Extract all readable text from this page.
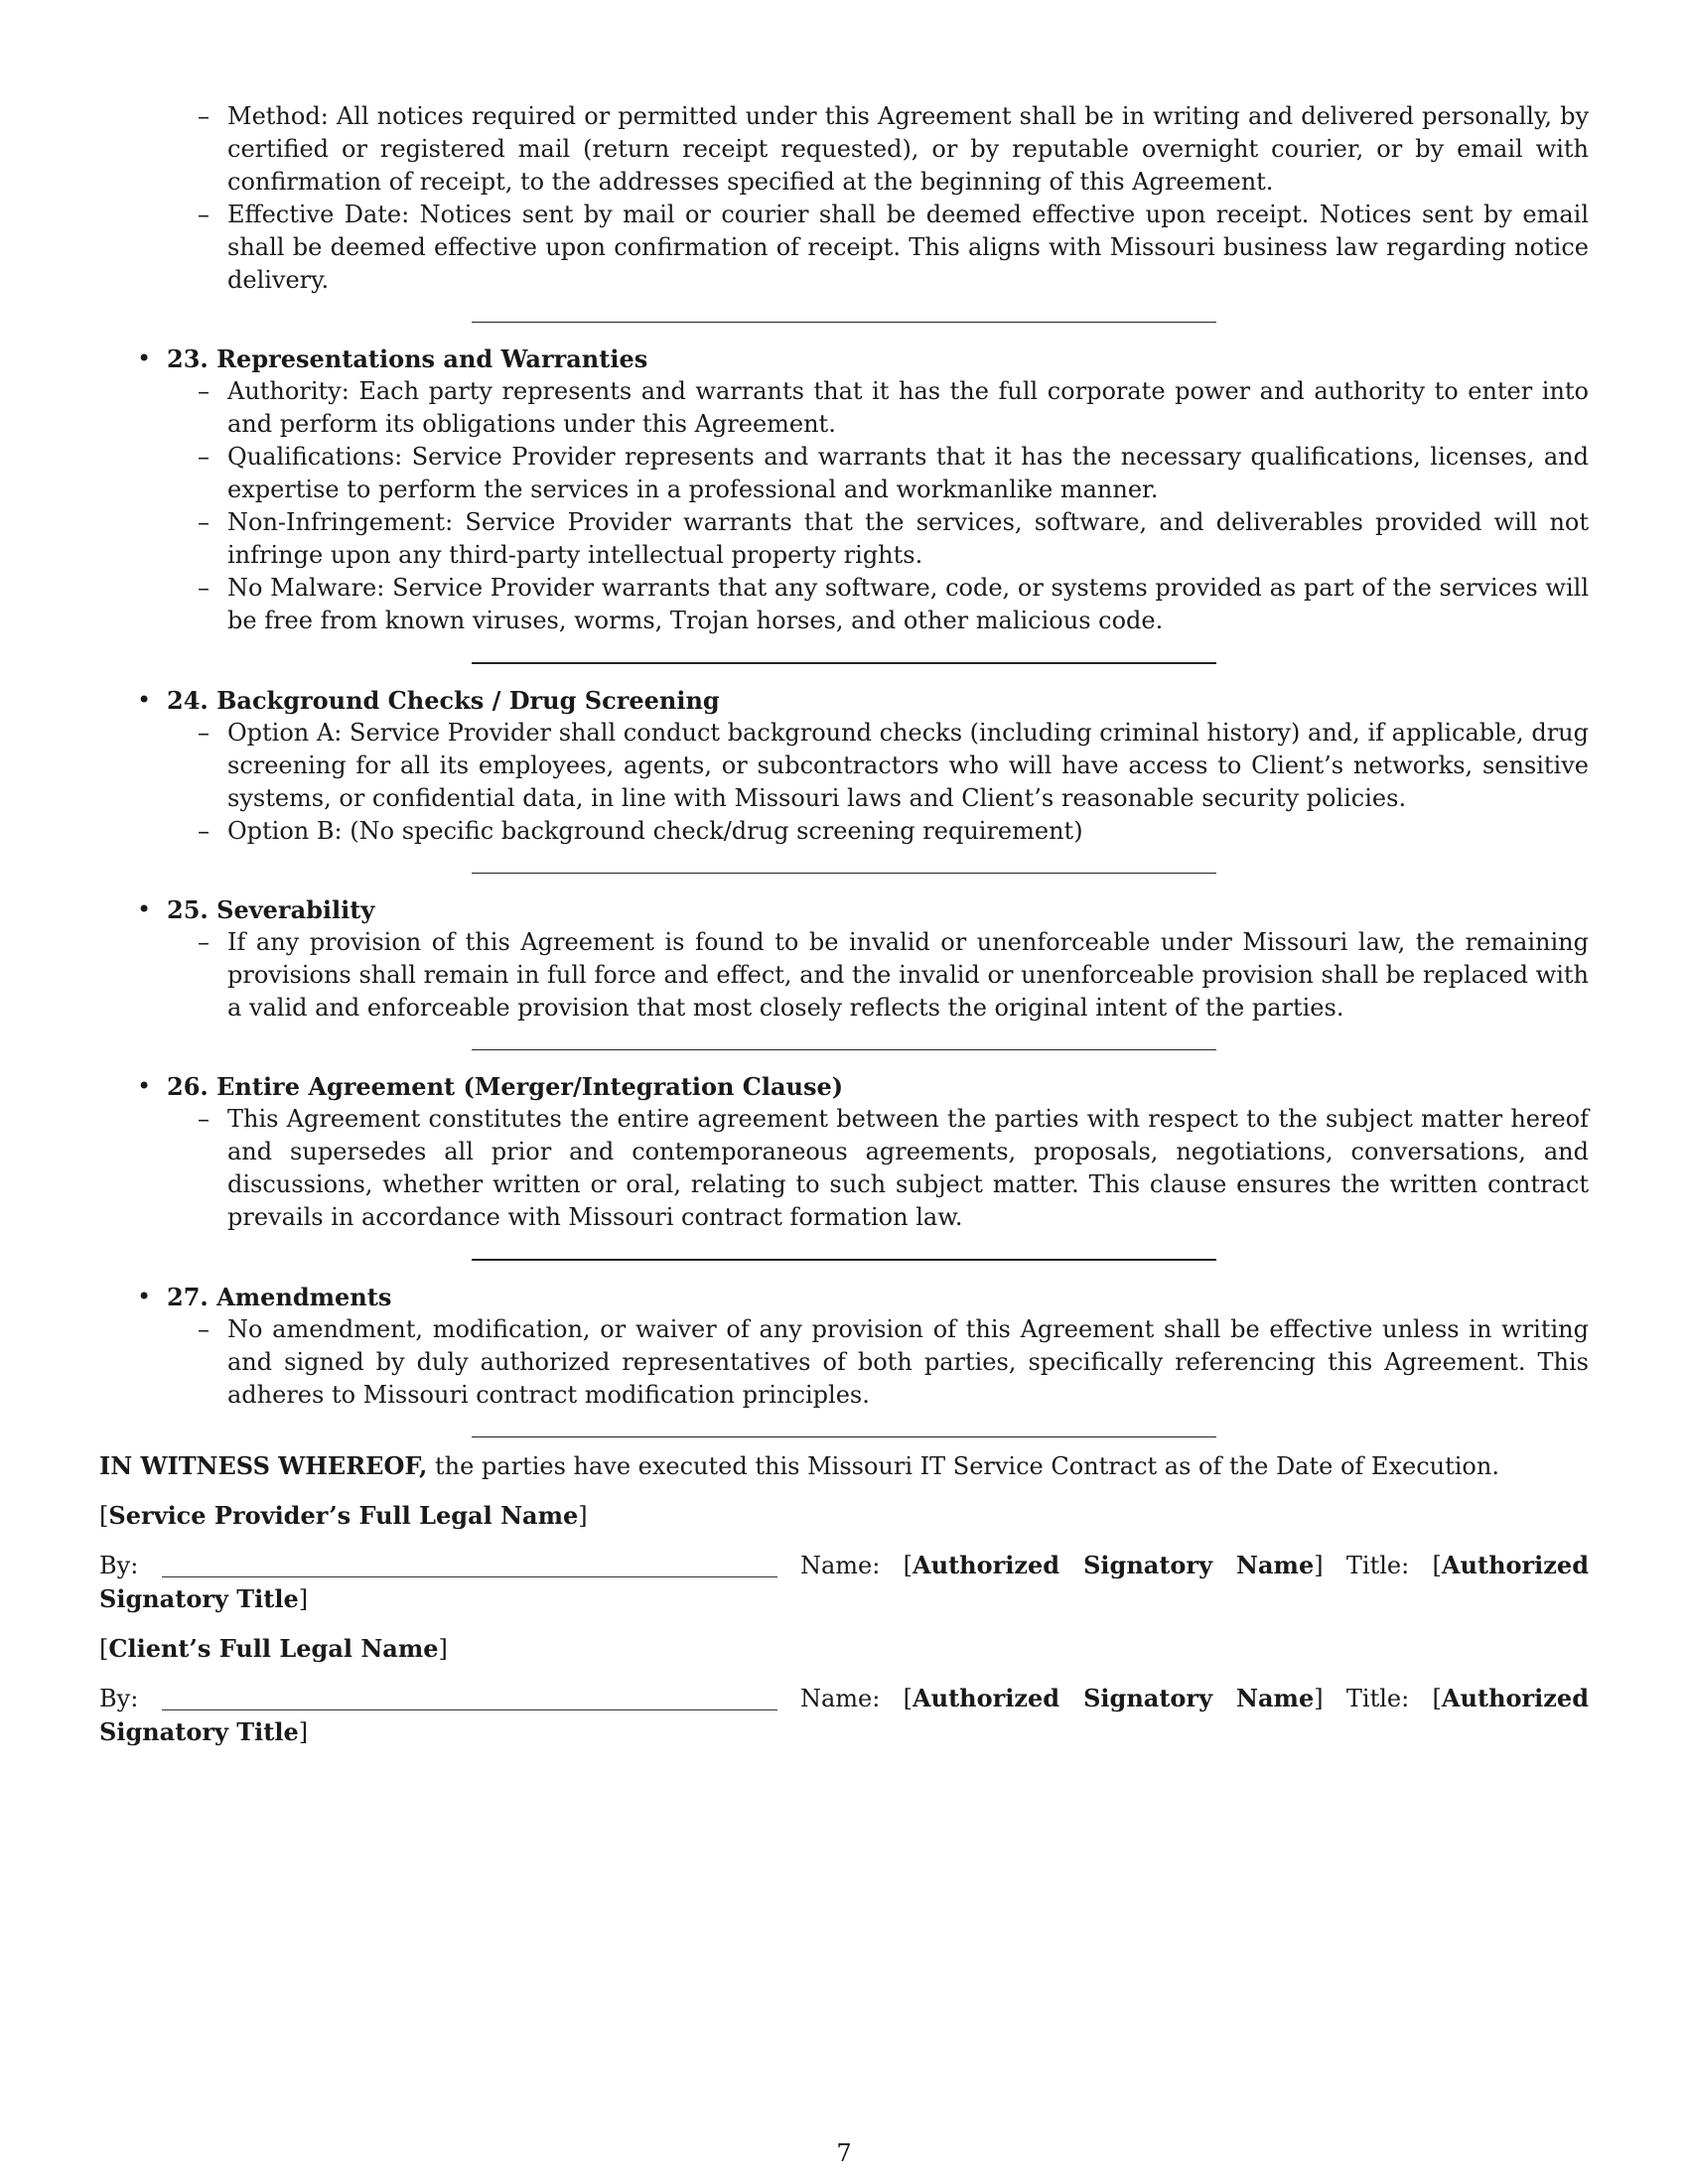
– Method: All notices required or permitted under this Agreement shall be in writing and delivered personally, by certified or registered mail (return receipt requested), or by reputable overnight courier, or by email with confirmation of receipt, to the addresses specified at the beginning of this Agreement.
– Effective Date: Notices sent by mail or courier shall be deemed effective upon receipt. Notices sent by email shall be deemed effective upon confirmation of receipt. This aligns with Missouri business law regarding notice delivery.
• 23. Representations and Warranties
– Authority: Each party represents and warrants that it has the full corporate power and authority to enter into and perform its obligations under this Agreement.
– Qualifications: Service Provider represents and warrants that it has the necessary qualifications, licenses, and expertise to perform the services in a professional and workmanlike manner.
– Non-Infringement: Service Provider warrants that the services, software, and deliverables provided will not infringe upon any third-party intellectual property rights.
– No Malware: Service Provider warrants that any software, code, or systems provided as part of the services will be free from known viruses, worms, Trojan horses, and other malicious code.
• 24. Background Checks / Drug Screening
– Option A: Service Provider shall conduct background checks (including criminal history) and, if applicable, drug screening for all its employees, agents, or subcontractors who will have access to Client’s networks, sensitive systems, or confidential data, in line with Missouri laws and Client’s reasonable security policies.
– Option B: (No specific background check/drug screening requirement)
• 25. Severability
– If any provision of this Agreement is found to be invalid or unenforceable under Missouri law, the remaining provisions shall remain in full force and effect, and the invalid or unenforceable provision shall be replaced with a valid and enforceable provision that most closely reflects the original intent of the parties.
• 26. Entire Agreement (Merger/Integration Clause)
– This Agreement constitutes the entire agreement between the parties with respect to the subject matter hereof and supersedes all prior and contemporaneous agreements, proposals, negotiations, conversations, and discussions, whether written or oral, relating to such subject matter. This clause ensures the written contract prevails in accordance with Missouri contract formation law.
• 27. Amendments
– No amendment, modification, or waiver of any provision of this Agreement shall be effective unless in writing and signed by duly authorized representatives of both parties, specifically referencing this Agreement. This adheres to Missouri contract modification principles.
IN WITNESS WHEREOF, the parties have executed this Missouri IT Service Contract as of the Date of Execution.
[Service Provider’s Full Legal Name]
By:	Name: [Authorized Signatory Name] Title: [Authorized Signatory Title]
[Client’s Full Legal Name]
By:	Name: [Authorized Signatory Name] Title: [Authorized Signatory Title]
7
